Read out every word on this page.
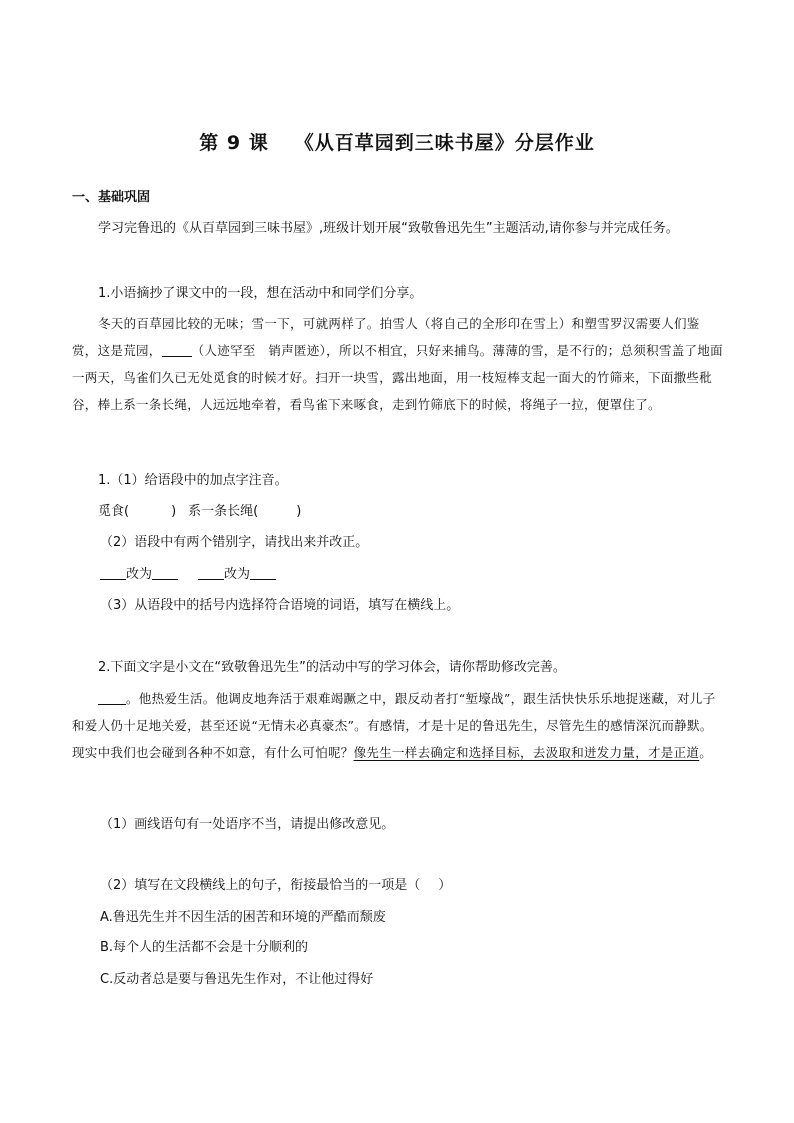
第 9 课 《从百草园到三味书屋》分层作业
一、基础巩固
学习完鲁迅的《从百草园到三味书屋》,班级计划开展“致敬鲁迅先生”主题活动,请你参与并完成任务。
1.小语摘抄了课文中的一段，想在活动中和同学们分享。
冬天的百草园比较的无味；雪一下，可就两样了。拍雪人（将自己的全形印在雪上）和塑雪罗汉需要人们鉴赏，这是荒园， （人迹罕至　销声匿迹），所以不相宜，只好来捕鸟。薄薄的雪，是不行的；总须积雪盖了地面一两天，鸟雀们久已无处觅食的时候才好。扫开一块雪，露出地面，用一枝短棒支起一面大的竹筛来，下面撒些秕谷，棒上系一条长绳，人远远地牵着，看鸟雀下来啄食，走到竹筛底下的时候，将绳子一拉，便罩住了。
1.（1）给语段中的加点字注音。
觅食(	) 系一条长绳(	)
（2）语段中有两个错别字，请找出来并改正。
改为	改为
（3）从语段中的括号内选择符合语境的词语，填写在横线上。
2.下面文字是小文在“致敬鲁迅先生”的活动中写的学习体会，请你帮助修改完善。
。他热爱生活。他调皮地奔活于艰难竭蹶之中，跟反动者打“堑壕战”，跟生活快快乐乐地捉迷藏，对儿子和爱人仍十足地关爱，甚至还说“无情未必真豪杰”。有感情，才是十足的鲁迅先生，尽管先生的感情深沉而静默。现实中我们也会碰到各种不如意，有什么可怕呢？像先生一样去确定和选择目标，去汲取和迸发力量，才是正道。
（1）画线语句有一处语序不当，请提出修改意见。
（2）填写在文段横线上的句子，衔接最恰当的一项是（ ）
A.鲁迅先生并不因生活的困苦和环境的严酷而颓废
B.每个人的生活都不会是十分顺利的
C.反动者总是要与鲁迅先生作对，不让他过得好
